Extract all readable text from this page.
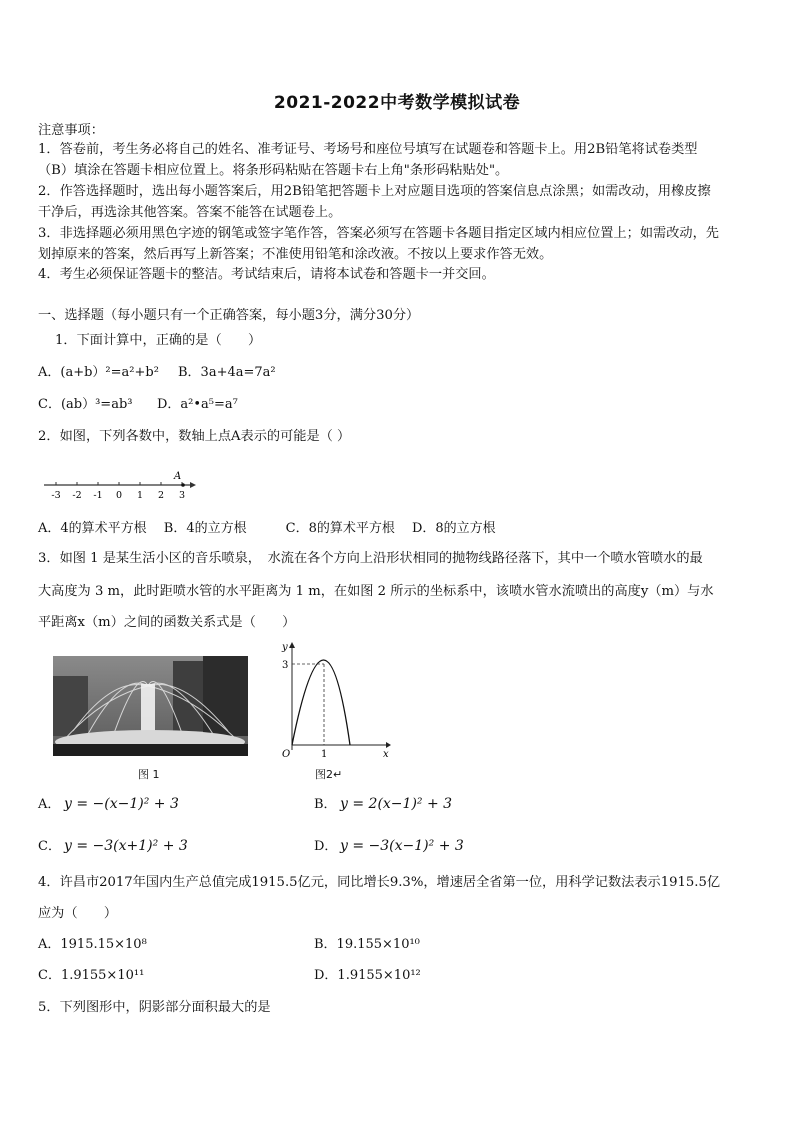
2021-2022中考数学模拟试卷
注意事项：
1．答卷前，考生务必将自己的姓名、准考证号、考场号和座位号填写在试题卷和答题卡上。用2B铅笔将试卷类型
（B）填涂在答题卡相应位置上。将条形码粘贴在答题卡右上角"条形码粘贴处"。
2．作答选择题时，选出每小题答案后，用2B铅笔把答题卡上对应题目选项的答案信息点涂黑；如需改动，用橡皮擦
干净后，再选涂其他答案。答案不能答在试题卷上。
3．非选择题必须用黑色字迹的钢笔或签字笔作答，答案必须写在答题卡各题目指定区域内相应位置上；如需改动，先
划掉原来的答案，然后再写上新答案；不准使用铅笔和涂改液。不按以上要求作答无效。
4．考生必须保证答题卡的整洁。考试结束后，请将本试卷和答题卡一并交回。
一、选择题（每小题只有一个正确答案，每小题3分，满分30分）
1．下面计算中，正确的是（　　）
A．(a+b）²=a²+b² B．3a+4a=7a²
C．(ab）³=ab³ D．a²•a⁵=a⁷
2．如图，下列各数中，数轴上点A表示的可能是（ ）
-3 -2 -1 0 1 2 3
A
A．4的算术平方根　 B．4的立方根　　　C．8的算术平方根　 D．8的立方根
3．如图 1 是某生活小区的音乐喷泉，　水流在各个方向上沿形状相同的抛物线路径落下，其中一个喷水管喷水的最
大高度为 3 m，此时距喷水管的水平距离为 1 m，在如图 2 所示的坐标系中，该喷水管水流喷出的高度y（m）与水
平距离x（m）之间的函数关系式是（　　）
图 1
y
x
O
3
1
图2↵
A． y = −(x−1)² + 3	B． y = 2(x−1)² + 3
C． y = −3(x+1)² + 3	D． y = −3(x−1)² + 3
4．许昌市2017年国内生产总值完成1915.5亿元，同比增长9.3%，增速居全省第一位，用科学记数法表示1915.5亿
应为（　　）
A．1915.15×10⁸	B．19.155×10¹⁰
C．1.9155×10¹¹	D．1.9155×10¹²
5．下列图形中，阴影部分面积最大的是
